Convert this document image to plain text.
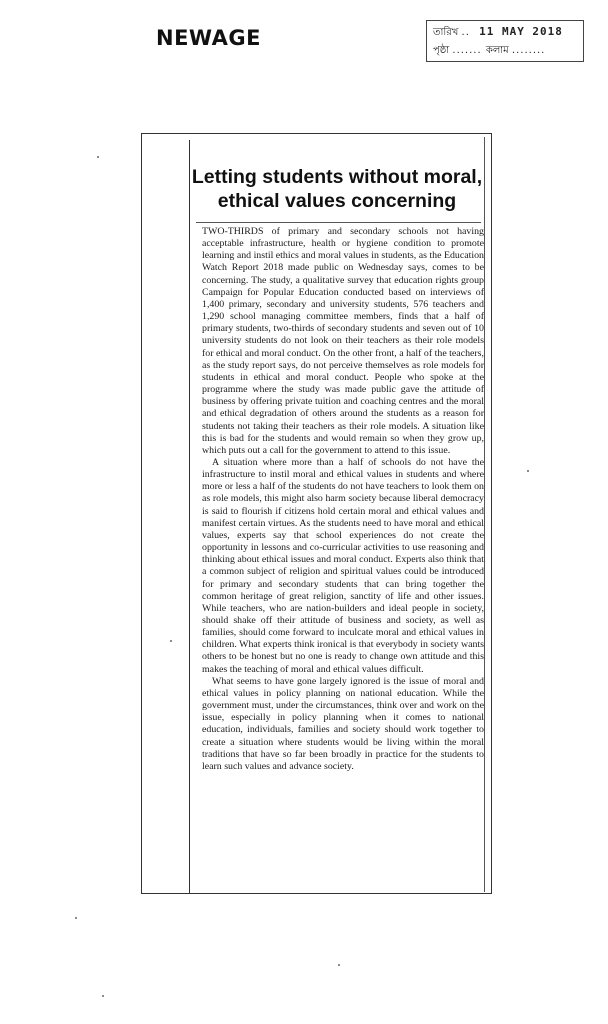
NEWAGE	তারিখ .. 11 MAY 2018
পৃষ্ঠা ....... কলাম ........
Letting students without moral, ethical values concerning

TWO-THIRDS of primary and secondary schools not having acceptable infrastructure, health or hygiene condition to promote learning and instil ethics and moral values in students, as the Education Watch Report 2018 made public on Wednesday says, comes to be concerning. The study, a qualitative survey that education rights group Campaign for Popular Education conducted based on interviews of 1,400 primary, secondary and university students, 576 teachers and 1,290 school managing committee members, finds that a half of primary students, two-thirds of secondary students and seven out of 10 university students do not look on their teachers as their role models for ethical and moral conduct. On the other front, a half of the teachers, as the study report says, do not perceive themselves as role models for students in ethical and moral conduct. People who spoke at the programme where the study was made public gave the attitude of business by offering private tuition and coaching centres and the moral and ethical degradation of others around the students as a reason for students not taking their teachers as their role models. A situation like this is bad for the students and would remain so when they grow up, which puts out a call for the government to attend to this issue.

A situation where more than a half of schools do not have the infrastructure to instil moral and ethical values in students and where more or less a half of the students do not have teachers to look them on as role models, this might also harm society because liberal democracy is said to flourish if citizens hold certain moral and ethical values and manifest certain virtues. As the students need to have moral and ethical values, experts say that school experiences do not create the opportunity in lessons and co-curricular activities to use reasoning and thinking about ethical issues and moral conduct. Experts also think that a common subject of religion and spiritual values could be introduced for primary and secondary students that can bring together the common heritage of great religion, sanctity of life and other issues. While teachers, who are nation-builders and ideal people in society, should shake off their attitude of business and society, as well as families, should come forward to inculcate moral and ethical values in children. What experts think ironical is that everybody in society wants others to be honest but no one is ready to change own attitude and this makes the teaching of moral and ethical values difficult.

What seems to have gone largely ignored is the issue of moral and ethical values in policy planning on national education. While the government must, under the circumstances, think over and work on the issue, especially in policy planning when it comes to national education, individuals, families and society should work together to create a situation where students would be living within the moral traditions that have so far been broadly in practice for the students to learn such values and advance society.
